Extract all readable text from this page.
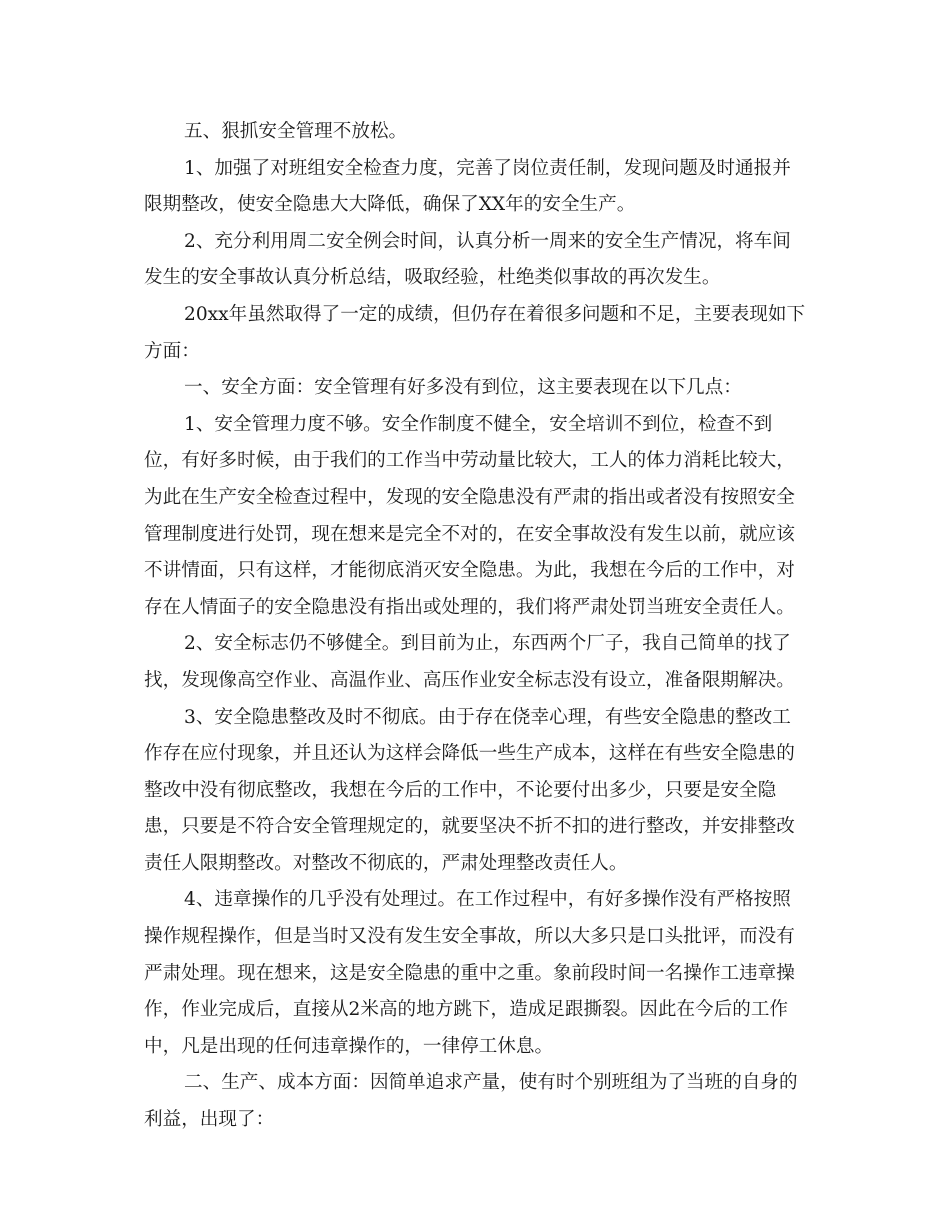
五、狠抓安全管理不放松。

1、加强了对班组安全检查力度，完善了岗位责任制，发现问题及时通报并限期整改，使安全隐患大大降低，确保了XX年的安全生产。

2、充分利用周二安全例会时间，认真分析一周来的安全生产情况，将车间发生的安全事故认真分析总结，吸取经验，杜绝类似事故的再次发生。

20xx年虽然取得了一定的成绩，但仍存在着很多问题和不足，主要表现如下方面：

一、安全方面：安全管理有好多没有到位，这主要表现在以下几点：

1、安全管理力度不够。安全作制度不健全，安全培训不到位，检查不到位，有好多时候，由于我们的工作当中劳动量比较大，工人的体力消耗比较大，为此在生产安全检查过程中，发现的安全隐患没有严肃的指出或者没有按照安全管理制度进行处罚，现在想来是完全不对的，在安全事故没有发生以前，就应该不讲情面，只有这样，才能彻底消灭安全隐患。为此，我想在今后的工作中，对存在人情面子的安全隐患没有指出或处理的，我们将严肃处罚当班安全责任人。

2、安全标志仍不够健全。到目前为止，东西两个厂子，我自己简单的找了找，发现像高空作业、高温作业、高压作业安全标志没有设立，准备限期解决。

3、安全隐患整改及时不彻底。由于存在侥幸心理，有些安全隐患的整改工作存在应付现象，并且还认为这样会降低一些生产成本，这样在有些安全隐患的整改中没有彻底整改，我想在今后的工作中，不论要付出多少，只要是安全隐患，只要是不符合安全管理规定的，就要坚决不折不扣的进行整改，并安排整改责任人限期整改。对整改不彻底的，严肃处理整改责任人。

4、违章操作的几乎没有处理过。在工作过程中，有好多操作没有严格按照操作规程操作，但是当时又没有发生安全事故，所以大多只是口头批评，而没有严肃处理。现在想来，这是安全隐患的重中之重。象前段时间一名操作工违章操作，作业完成后，直接从2米高的地方跳下，造成足跟撕裂。因此在今后的工作中，凡是出现的任何违章操作的，一律停工休息。

二、生产、成本方面：因简单追求产量，使有时个别班组为了当班的自身的利益，出现了：
